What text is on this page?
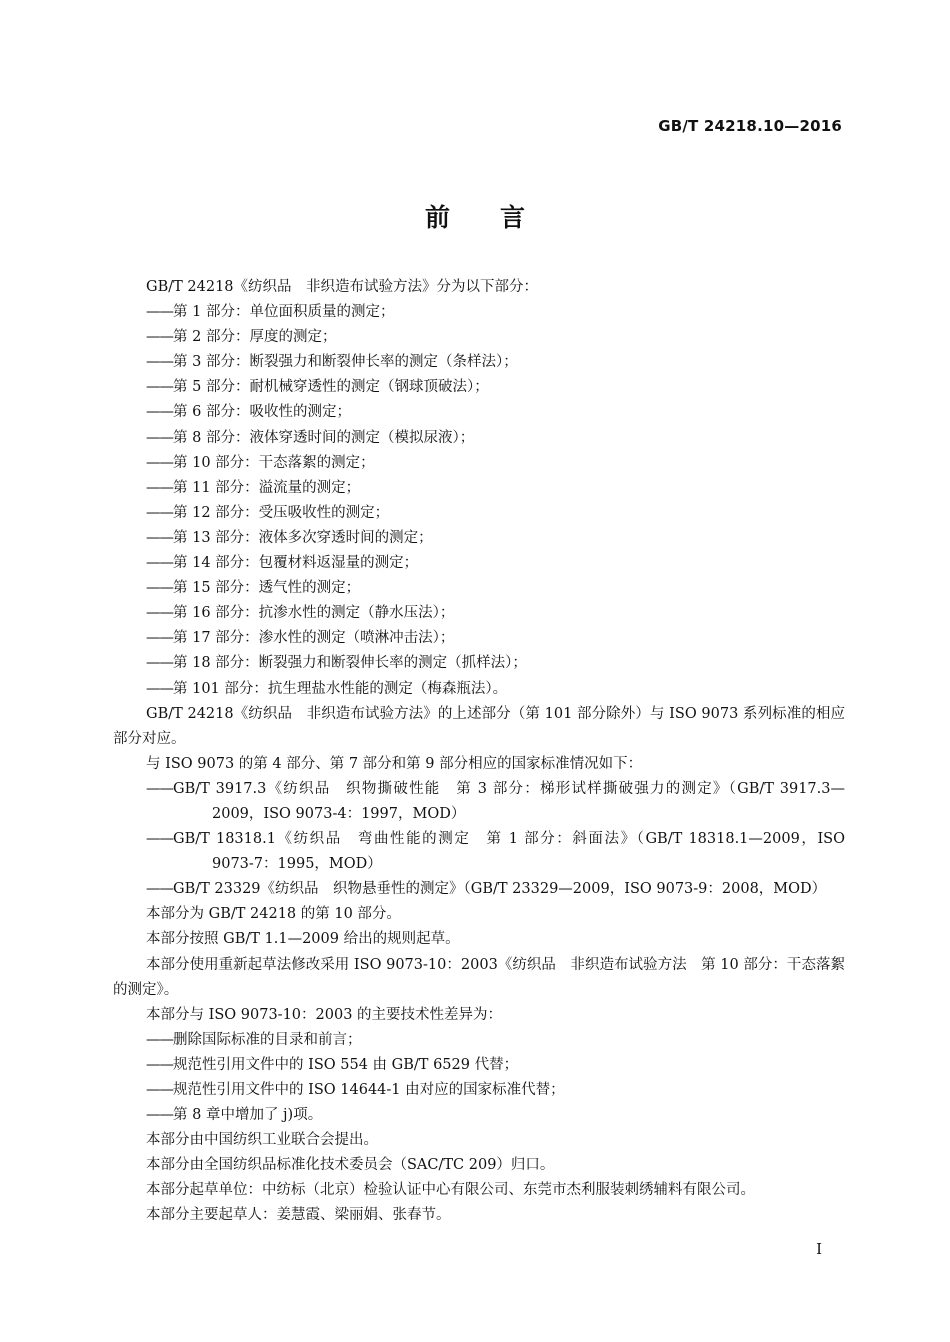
GB/T 24218.10—2016
前 言

GB/T 24218《纺织品　非织造布试验方法》分为以下部分：

——第 1 部分：单位面积质量的测定；

——第 2 部分：厚度的测定；

——第 3 部分：断裂强力和断裂伸长率的测定（条样法）；

——第 5 部分：耐机械穿透性的测定（钢球顶破法）；

——第 6 部分：吸收性的测定；

——第 8 部分：液体穿透时间的测定（模拟尿液）；

——第 10 部分：干态落絮的测定；

——第 11 部分：溢流量的测定；

——第 12 部分：受压吸收性的测定；

——第 13 部分：液体多次穿透时间的测定；

——第 14 部分：包覆材料返湿量的测定；

——第 15 部分：透气性的测定；

——第 16 部分：抗渗水性的测定（静水压法）；

——第 17 部分：渗水性的测定（喷淋冲击法）；

——第 18 部分：断裂强力和断裂伸长率的测定（抓样法）；

——第 101 部分：抗生理盐水性能的测定（梅森瓶法）。

GB/T 24218《纺织品　非织造布试验方法》的上述部分（第 101 部分除外）与 ISO 9073 系列标准的相应部分对应。

与 ISO 9073 的第 4 部分、第 7 部分和第 9 部分相应的国家标准情况如下：

——GB/T 3917.3《纺织品　织物撕破性能　第 3 部分：梯形试样撕破强力的测定》（GB/T 3917.3—2009，ISO 9073-4：1997，MOD）

——GB/T 18318.1《纺织品　弯曲性能的测定　第 1 部分：斜面法》（GB/T 18318.1—2009，ISO 9073-7：1995，MOD）

——GB/T 23329《纺织品　织物悬垂性的测定》（GB/T 23329—2009，ISO 9073-9：2008，MOD）

本部分为 GB/T 24218 的第 10 部分。

本部分按照 GB/T 1.1—2009 给出的规则起草。

本部分使用重新起草法修改采用 ISO 9073-10：2003《纺织品　非织造布试验方法　第 10 部分：干态落絮的测定》。

本部分与 ISO 9073-10：2003 的主要技术性差异为：

——删除国际标准的目录和前言；

——规范性引用文件中的 ISO 554 由 GB/T 6529 代替；

——规范性引用文件中的 ISO 14644-1 由对应的国家标准代替；

——第 8 章中增加了 j)项。

本部分由中国纺织工业联合会提出。

本部分由全国纺织品标准化技术委员会（SAC/TC 209）归口。

本部分起草单位：中纺标（北京）检验认证中心有限公司、东莞市杰利服装刺绣辅料有限公司。

本部分主要起草人：姜慧霞、梁丽娟、张春节。

I
